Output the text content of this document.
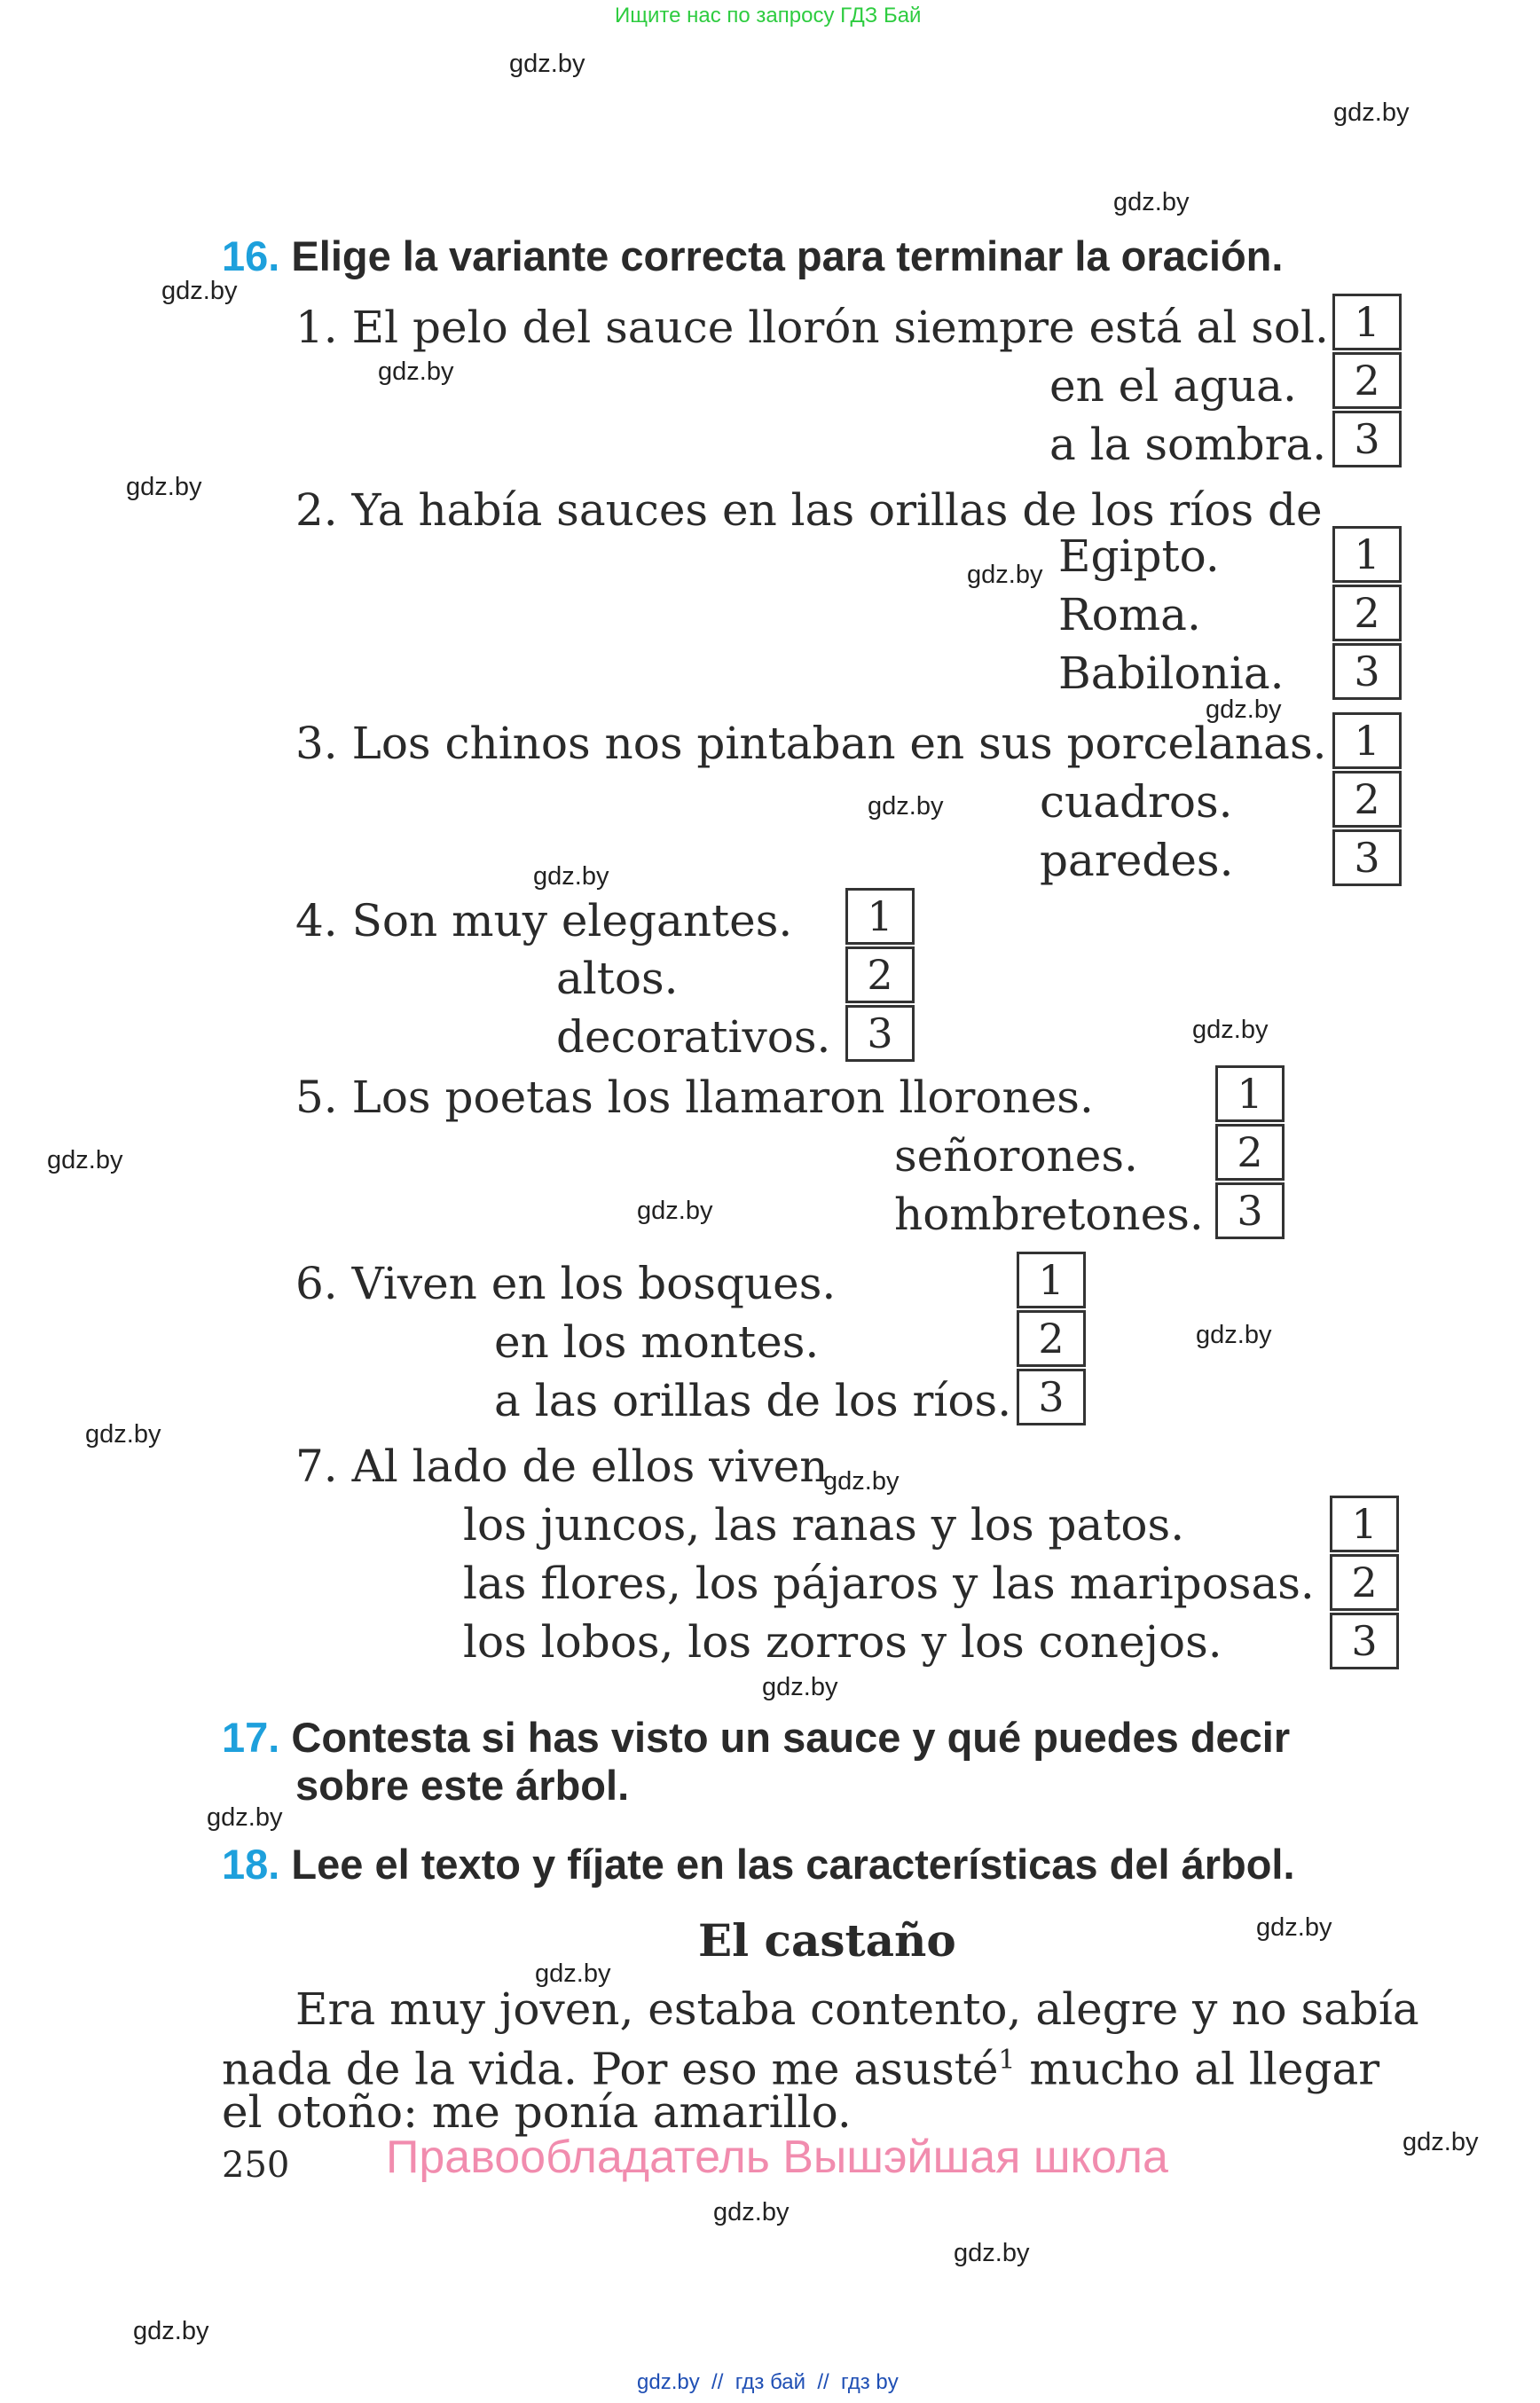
Ищите нас по запросу ГДЗ Бай
gdz.by
gdz.by
gdz.by
gdz.by
gdz.by
gdz.by
gdz.by
gdz.by
gdz.by
gdz.by
gdz.by
gdz.by
gdz.by
gdz.by
gdz.by
gdz.by
gdz.by
gdz.by
gdz.by
gdz.by
gdz.by
gdz.by
gdz.by
gdz.by
16. Elige la variante correcta para terminar la oración.
1. El pelo del sauce llorón siempre está al sol.
en el agua.
a la sombra.
1
2
3
2. Ya había sauces en las orillas de los ríos de
Egipto.
Roma.
Babilonia.
1
2
3
3. Los chinos nos pintaban en sus porcelanas.
cuadros.
paredes.
1
2
3
4. Son muy elegantes.
altos.
decorativos.
1
2
3
5. Los poetas los llamaron llorones.
señorones.
hombretones.
1
2
3
6. Viven en los bosques.
en los montes.
a las orillas de los ríos.
1
2
3
7. Al lado de ellos viven
los juncos, las ranas y los patos.
las flores, los pájaros y las mariposas.
los lobos, los zorros y los conejos.
1
2
3
17. Contesta si has visto un sauce y qué puedes decir
sobre este árbol.
18. Lee el texto y fíjate en las características del árbol.
El castaño
Era muy joven, estaba contento, alegre y no sabía
nada de la vida. Por eso me asusté$^1$ mucho al llegar
el otoño: me ponía amarillo.
250 Правообладатель Вышэйшая школа
gdz.by  //  гдз бай  //  гдз by
